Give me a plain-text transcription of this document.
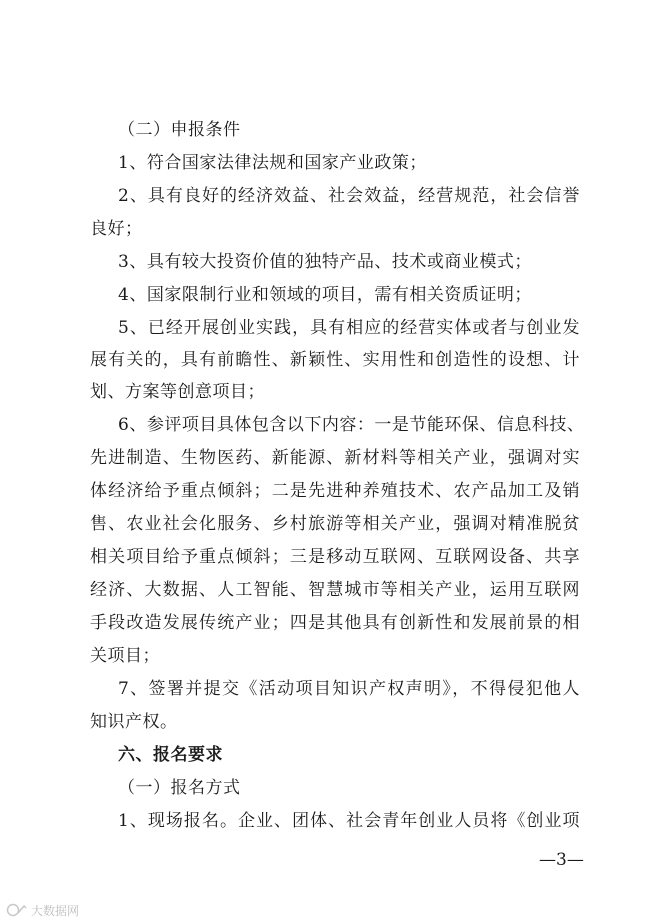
（二）申报条件
1、符合国家法律法规和国家产业政策；
2、具有良好的经济效益、社会效益，经营规范，社会信誉
良好；
3、具有较大投资价值的独特产品、技术或商业模式；
4、国家限制行业和领域的项目，需有相关资质证明；
5、已经开展创业实践，具有相应的经营实体或者与创业发
展有关的，具有前瞻性、新颖性、实用性和创造性的设想、计
划、方案等创意项目；
6、参评项目具体包含以下内容：一是节能环保、信息科技、
先进制造、生物医药、新能源、新材料等相关产业，强调对实
体经济给予重点倾斜；二是先进种养殖技术、农产品加工及销
售、农业社会化服务、乡村旅游等相关产业，强调对精准脱贫
相关项目给予重点倾斜；三是移动互联网、互联网设备、共享
经济、大数据、人工智能、智慧城市等相关产业，运用互联网
手段改造发展传统产业；四是其他具有创新性和发展前景的相
关项目；
7、签署并提交《活动项目知识产权声明》，不得侵犯他人
知识产权。
六、报名要求
（一）报名方式
1、现场报名。企业、团体、社会青年创业人员将《创业项
—3—
大数据网
